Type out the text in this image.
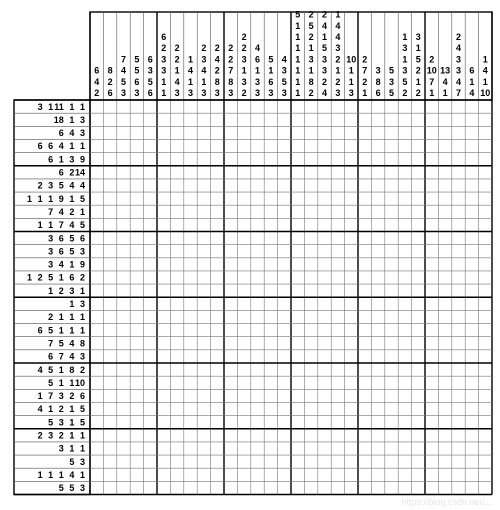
6
4
2
8
2
6
7
4
5
3
5
5
6
3
6
3
5
6
6
2
3
3
1
1
2
2
1
4
3
1
4
1
3
2
3
4
1
3
2
4
2
8
3
2
2
7
8
3
2
2
3
1
3
2
4
6
1
3
3
5
1
6
3
4
3
5
3
5
1
1
1
1
1
1
1
2
5
2
1
3
1
8
2
2
4
1
5
3
3
2
4
1
4
4
3
2
1
2
3
10
1
1
3
2
7
2
1
3
8
6
5
3
5
1
3
1
3
5
2
3
1
5
2
1
2
2
10
7
1
13
4
1
2
4
3
3
4
7
6
1
4
1
4
1
10
3 1 11 1 1
18 1 3
6 4 3
6 6 4 1 1
6 1 3 9
6 2 14
2 3 5 4 4
1 1 1 9 1 5
7 4 2 1
1 1 7 4 5
3 6 5 6
3 6 5 3
3 4 1 9
1 2 5 1 6 2
1 2 3 1
1 3
2 1 1 1
6 5 1 1 1
7 5 4 8
6 7 4 3
4 5 1 8 2
5 1 1 10
1 7 3 2 6
4 1 2 1 5
5 3 1 5
2 3 2 1 1
3 1 1
5 3
1 1 1 4 1
5 5 3
https://blog.csdn.net/...
